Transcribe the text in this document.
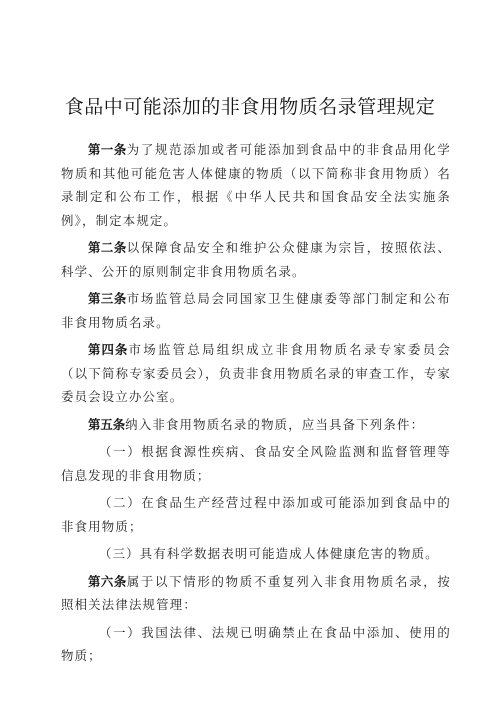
食品中可能添加的非食用物质名录管理规定

第一条为了规范添加或者可能添加到食品中的非食品用化学物质和其他可能危害人体健康的物质（以下简称非食用物质）名录制定和公布工作，根据《中华人民共和国食品安全法实施条例》，制定本规定。

第二条以保障食品安全和维护公众健康为宗旨，按照依法、科学、公开的原则制定非食用物质名录。

第三条市场监管总局会同国家卫生健康委等部门制定和公布非食用物质名录。

第四条市场监管总局组织成立非食用物质名录专家委员会（以下简称专家委员会），负责非食用物质名录的审查工作，专家委员会设立办公室。

第五条纳入非食用物质名录的物质，应当具备下列条件：

（一）根据食源性疾病、食品安全风险监测和监督管理等信息发现的非食用物质；

（二）在食品生产经营过程中添加或可能添加到食品中的非食用物质；

（三）具有科学数据表明可能造成人体健康危害的物质。

第六条属于以下情形的物质不重复列入非食用物质名录，按照相关法律法规管理：

（一）我国法律、法规已明确禁止在食品中添加、使用的物质；
